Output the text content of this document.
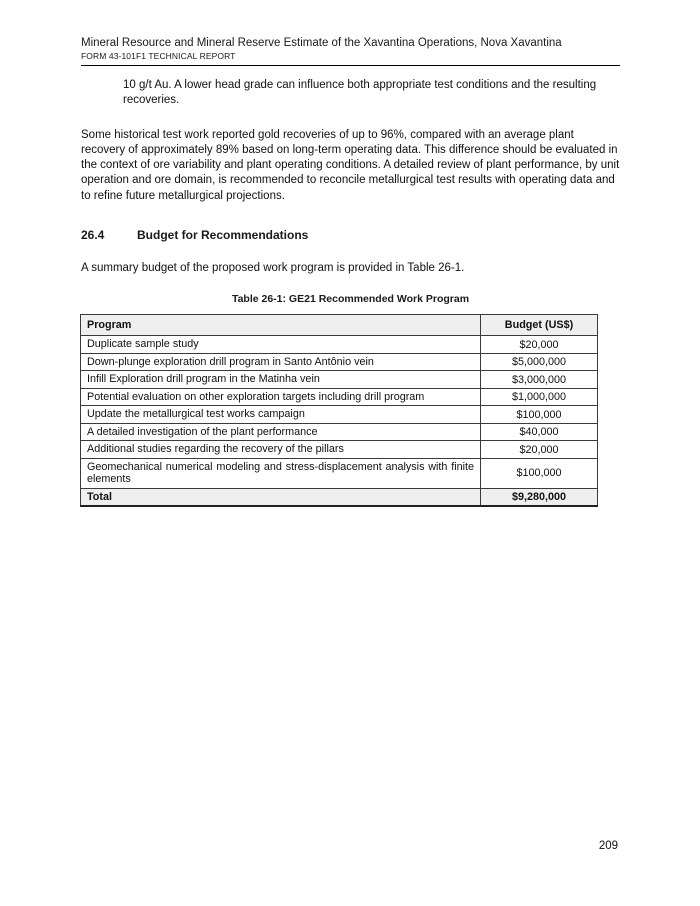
Mineral Resource and Mineral Reserve Estimate of the Xavantina Operations, Nova Xavantina
FORM 43-101F1 TECHNICAL REPORT

10 g/t Au. A lower head grade can influence both appropriate test conditions and the resulting recoveries.

Some historical test work reported gold recoveries of up to 96%, compared with an average plant recovery of approximately 89% based on long-term operating data. This difference should be evaluated in the context of ore variability and plant operating conditions. A detailed review of plant performance, by unit operation and ore domain, is recommended to reconcile metallurgical test results with operating data and to refine future metallurgical projections.

26.4	Budget for Recommendations

A summary budget of the proposed work program is provided in Table 26-1.

Table 26-1: GE21 Recommended Work Program
Program	Budget (US$)
Duplicate sample study	$20,000
Down-plunge exploration drill program in Santo Antônio vein	$5,000,000
Infill Exploration drill program in the Matinha vein	$3,000,000
Potential evaluation on other exploration targets including drill program	$1,000,000
Update the metallurgical test works campaign	$100,000
A detailed investigation of the plant performance	$40,000
Additional studies regarding the recovery of the pillars	$20,000
Geomechanical numerical modeling and stress-displacement analysis with finite elements	$100,000
Total	$9,280,000
209
